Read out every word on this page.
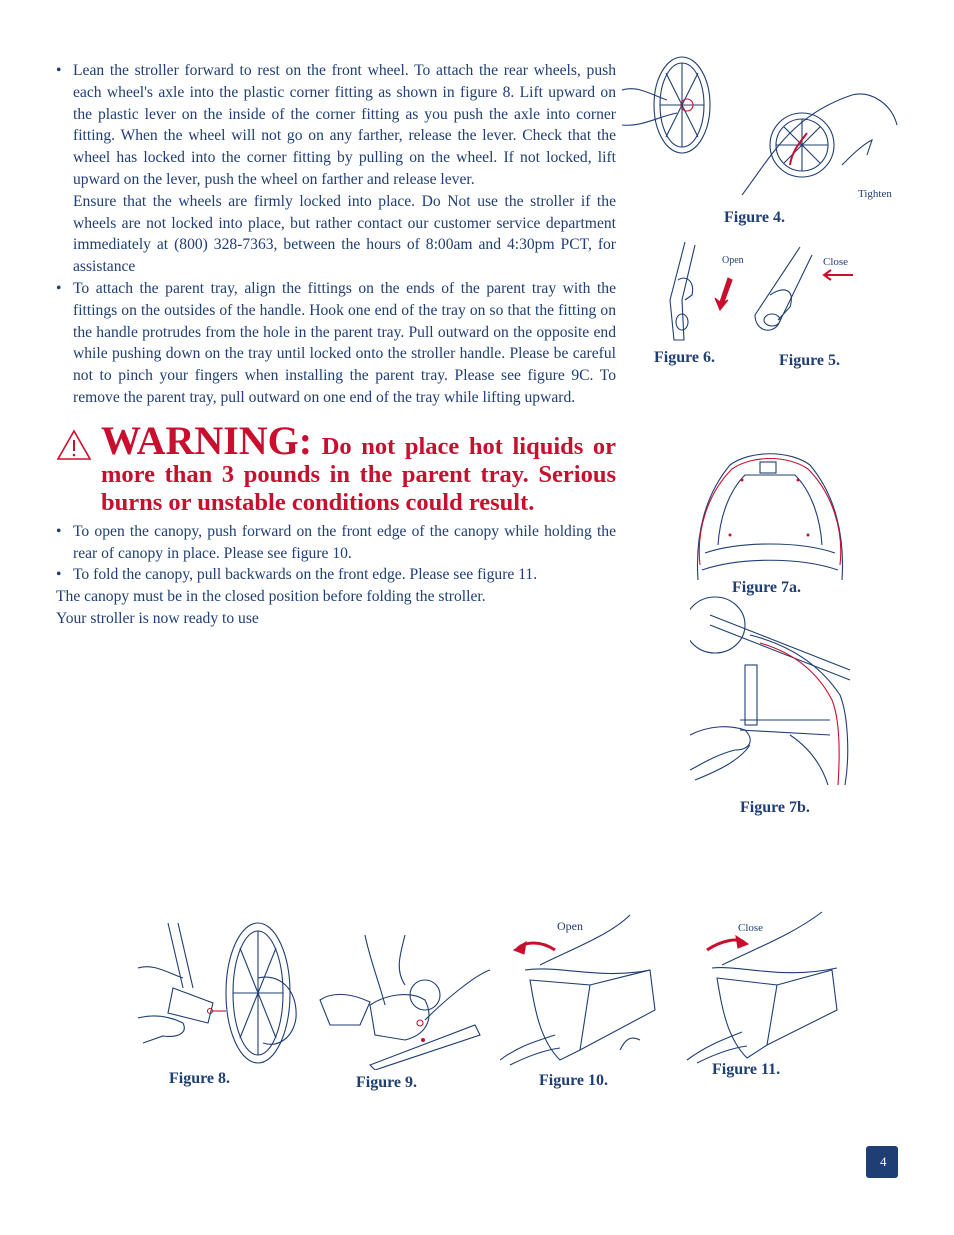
• Lean the stroller forward to rest on the front wheel. To attach the rear wheels, push each wheel's axle into the plastic corner fitting as shown in figure 8. Lift upward on the plastic lever on the inside of the corner fitting as you push the axle into corner fitting. When the wheel will not go on any farther, release the lever. Check that the wheel has locked into the corner fitting by pulling on the wheel. If not locked, lift upward on the lever, push the wheel on farther and release lever.

Ensure that the wheels are firmly locked into place. Do Not use the stroller if the wheels are not locked into place, but rather contact our customer service department immediately at (800) 328-7363, between the hours of 8:00am and 4:30pm PCT, for assistance

• To attach the parent tray, align the fittings on the ends of the parent tray with the fittings on the outsides of the handle. Hook one end of the tray on so that the fitting on the handle protrudes from the hole in the parent tray. Pull outward on the opposite end while pushing down on the tray until locked onto the stroller handle. Please be careful not to pinch your fingers when installing the parent tray. Please see figure 9C. To remove the parent tray, pull outward on one end of the tray while lifting upward.

WARNING: Do not place hot liquids or more than 3 pounds in the parent tray. Serious burns or unstable conditions could result.

• To open the canopy, push forward on the front edge of the canopy while holding the rear of canopy in place. Please see figure 10.

• To fold the canopy, pull backwards on the front edge. Please see figure 11.

The canopy must be in the closed position before folding the stroller.

Your stroller is now ready to use

Tighten
Figure 4.
Open	Close
Figure 6.	Figure 5.
Figure 7a.
Figure 7b.
Figure 8.	Figure 9.
Open
Figure 10.
Close
Figure 11.
4
